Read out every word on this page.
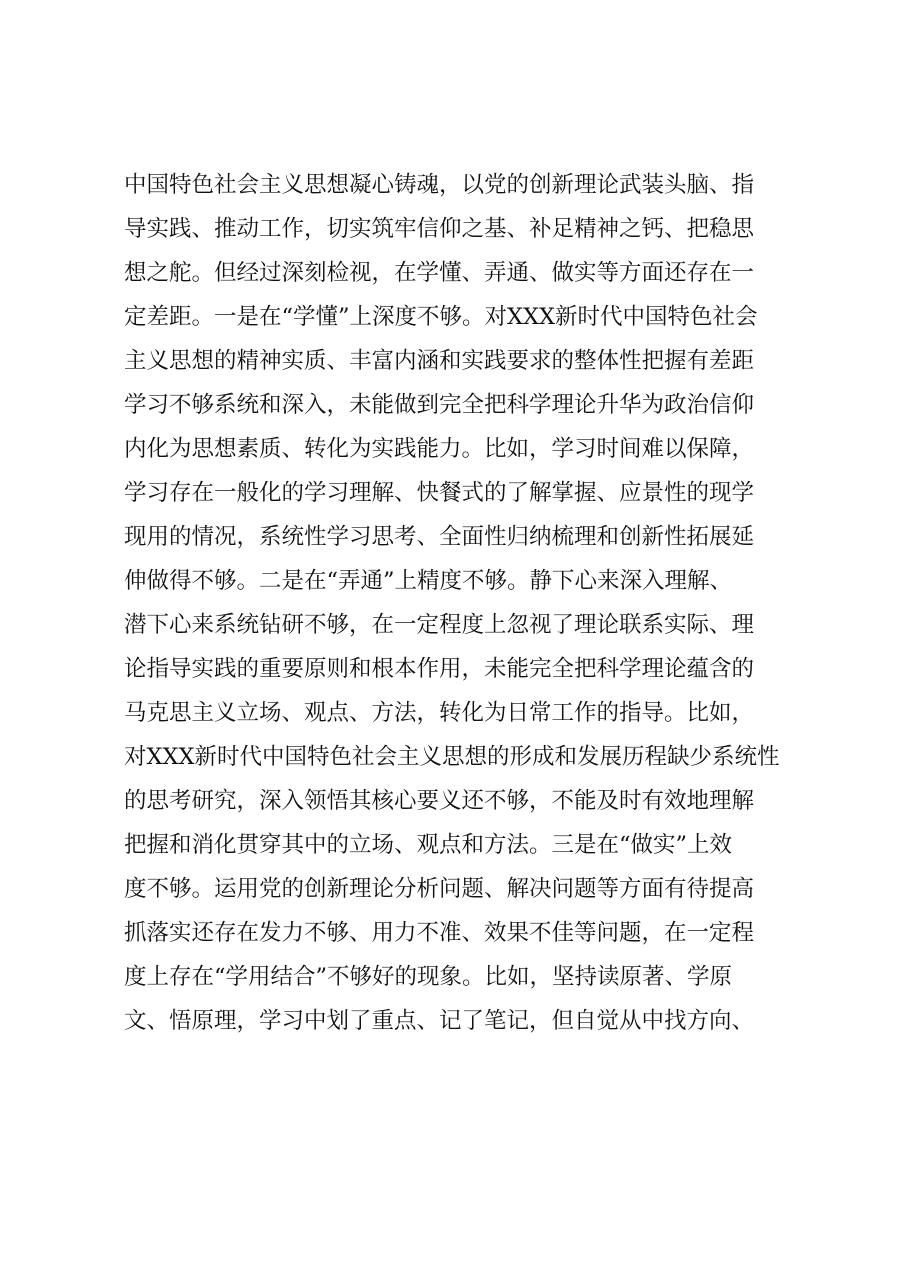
中国特色社会主义思想凝心铸魂，以党的创新理论武装头脑、指
导实践、推动工作，切实筑牢信仰之基、补足精神之钙、把稳思
想之舵。但经过深刻检视，在学懂、弄通、做实等方面还存在一
定差距。一是在“学懂”上深度不够。对XXX新时代中国特色社会
主义思想的精神实质、丰富内涵和实践要求的整体性把握有差距
学习不够系统和深入，未能做到完全把科学理论升华为政治信仰
内化为思想素质、转化为实践能力。比如，学习时间难以保障，
学习存在一般化的学习理解、快餐式的了解掌握、应景性的现学
现用的情况，系统性学习思考、全面性归纳梳理和创新性拓展延
伸做得不够。二是在“弄通”上精度不够。静下心来深入理解、
潜下心来系统钻研不够，在一定程度上忽视了理论联系实际、理
论指导实践的重要原则和根本作用，未能完全把科学理论蕴含的
马克思主义立场、观点、方法，转化为日常工作的指导。比如，
对XXX新时代中国特色社会主义思想的形成和发展历程缺少系统性
的思考研究，深入领悟其核心要义还不够，不能及时有效地理解
把握和消化贯穿其中的立场、观点和方法。三是在“做实”上效
度不够。运用党的创新理论分析问题、解决问题等方面有待提高
抓落实还存在发力不够、用力不准、效果不佳等问题，在一定程
度上存在“学用结合”不够好的现象。比如，坚持读原著、学原
文、悟原理，学习中划了重点、记了笔记，但自觉从中找方向、
